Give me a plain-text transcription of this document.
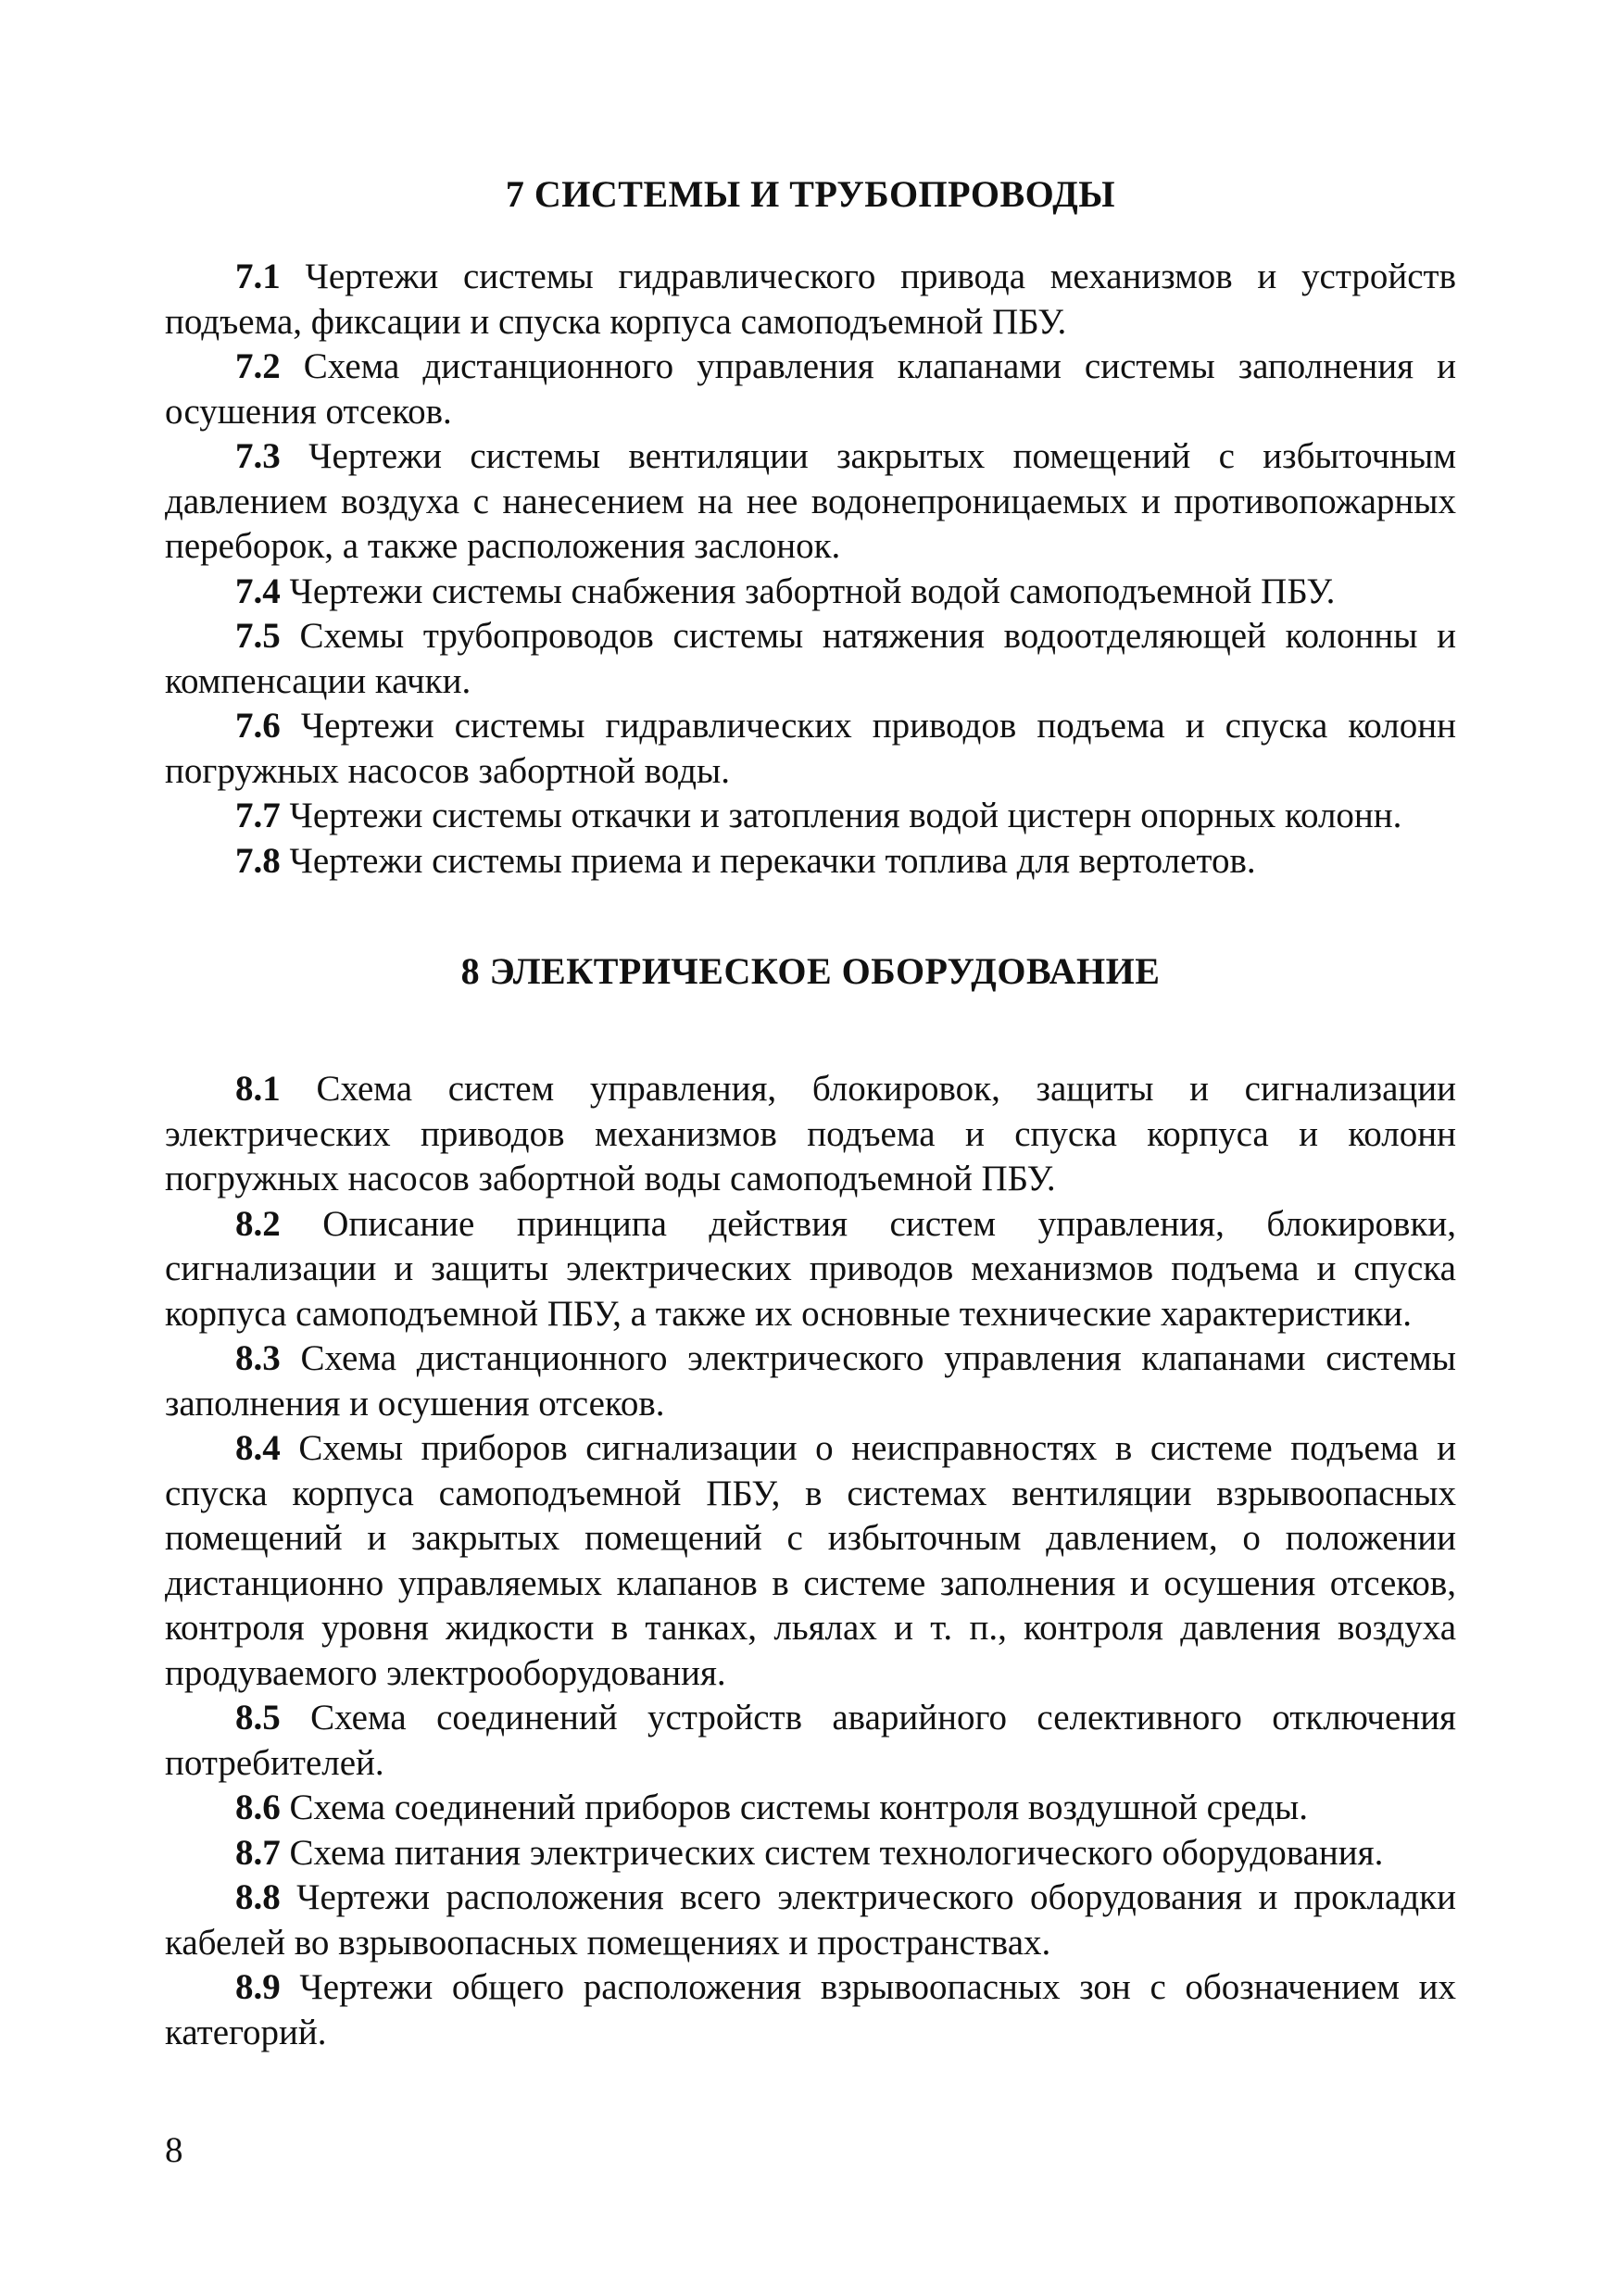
7 СИСТЕМЫ И ТРУБОПРОВОДЫ

7.1 Чертежи системы гидравлического привода механизмов и устройств подъема, фиксации и спуска корпуса самоподъемной ПБУ.

7.2 Схема дистанционного управления клапанами системы заполнения и осушения отсеков.

7.3 Чертежи системы вентиляции закрытых помещений с избыточным давлением воздуха с нанесением на нее водонепроницаемых и противопожарных переборок, а также расположения заслонок.

7.4 Чертежи системы снабжения забортной водой самоподъемной ПБУ.

7.5 Схемы трубопроводов системы натяжения водоотделяющей колонны и компенсации качки.

7.6 Чертежи системы гидравлических приводов подъема и спуска колонн погружных насосов забортной воды.

7.7 Чертежи системы откачки и затопления водой цистерн опорных колонн.

7.8 Чертежи системы приема и перекачки топлива для вертолетов.

8 ЭЛЕКТРИЧЕСКОЕ ОБОРУДОВАНИЕ

8.1 Схема систем управления, блокировок, защиты и сигнализации электрических приводов механизмов подъема и спуска корпуса и колонн погружных насосов забортной воды самоподъемной ПБУ.

8.2 Описание принципа действия систем управления, блокировки, сигнализации и защиты электрических приводов механизмов подъема и спуска корпуса самоподъемной ПБУ, а также их основные технические характеристики.

8.3 Схема дистанционного электрического управления клапанами системы заполнения и осушения отсеков.

8.4 Схемы приборов сигнализации о неисправностях в системе подъема и спуска корпуса самоподъемной ПБУ, в системах вентиляции взрывоопасных помещений и закрытых помещений с избыточным давлением, о положении дистанционно управляемых клапанов в системе заполнения и осушения отсеков, контроля уровня жидкости в танках, льялах и т. п., контроля давления воздуха продуваемого электрооборудования.

8.5 Схема соединений устройств аварийного селективного отключения потребителей.

8.6 Схема соединений приборов системы контроля воздушной среды.

8.7 Схема питания электрических систем технологического оборудования.

8.8 Чертежи расположения всего электрического оборудования и прокладки кабелей во взрывоопасных помещениях и пространствах.

8.9 Чертежи общего расположения взрывоопасных зон с обозначением их категорий.

8
